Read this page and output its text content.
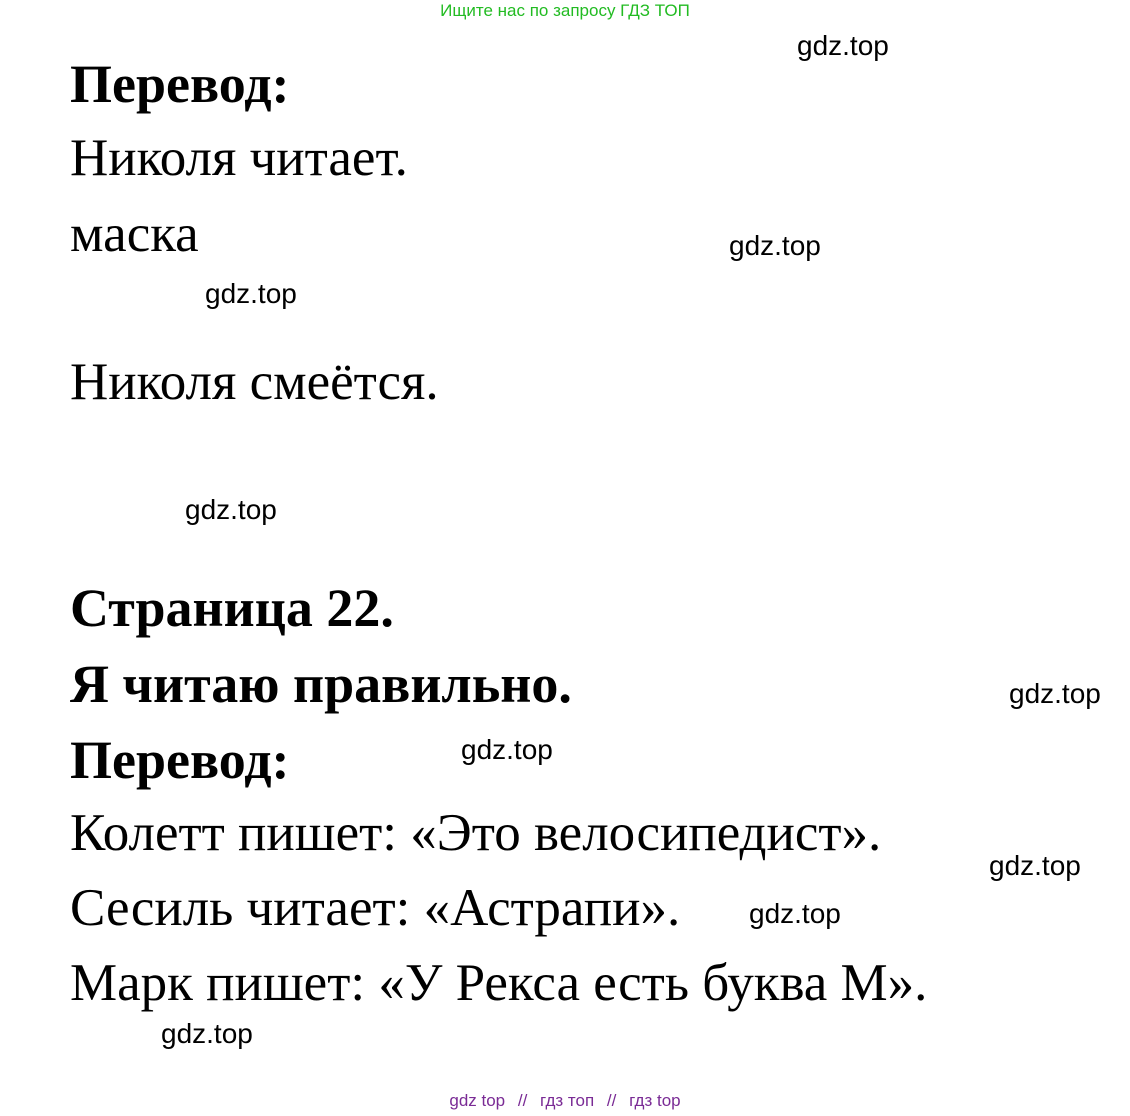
Ищите нас по запросу ГДЗ ТОП
Перевод:

Николя читает.

маска

Николя смеётся.

Страница 22.
Я читаю правильно.
Перевод:

Колетт пишет: «Это велосипедист».

Сесиль читает: «Астрапи».

Марк пишет: «У Рекса есть буква М».

gdz.top
gdz.top
gdz.top
gdz.top
gdz.top
gdz.top
gdz.top
gdz.top
gdz.top
gdz top // гдз топ // гдз top
